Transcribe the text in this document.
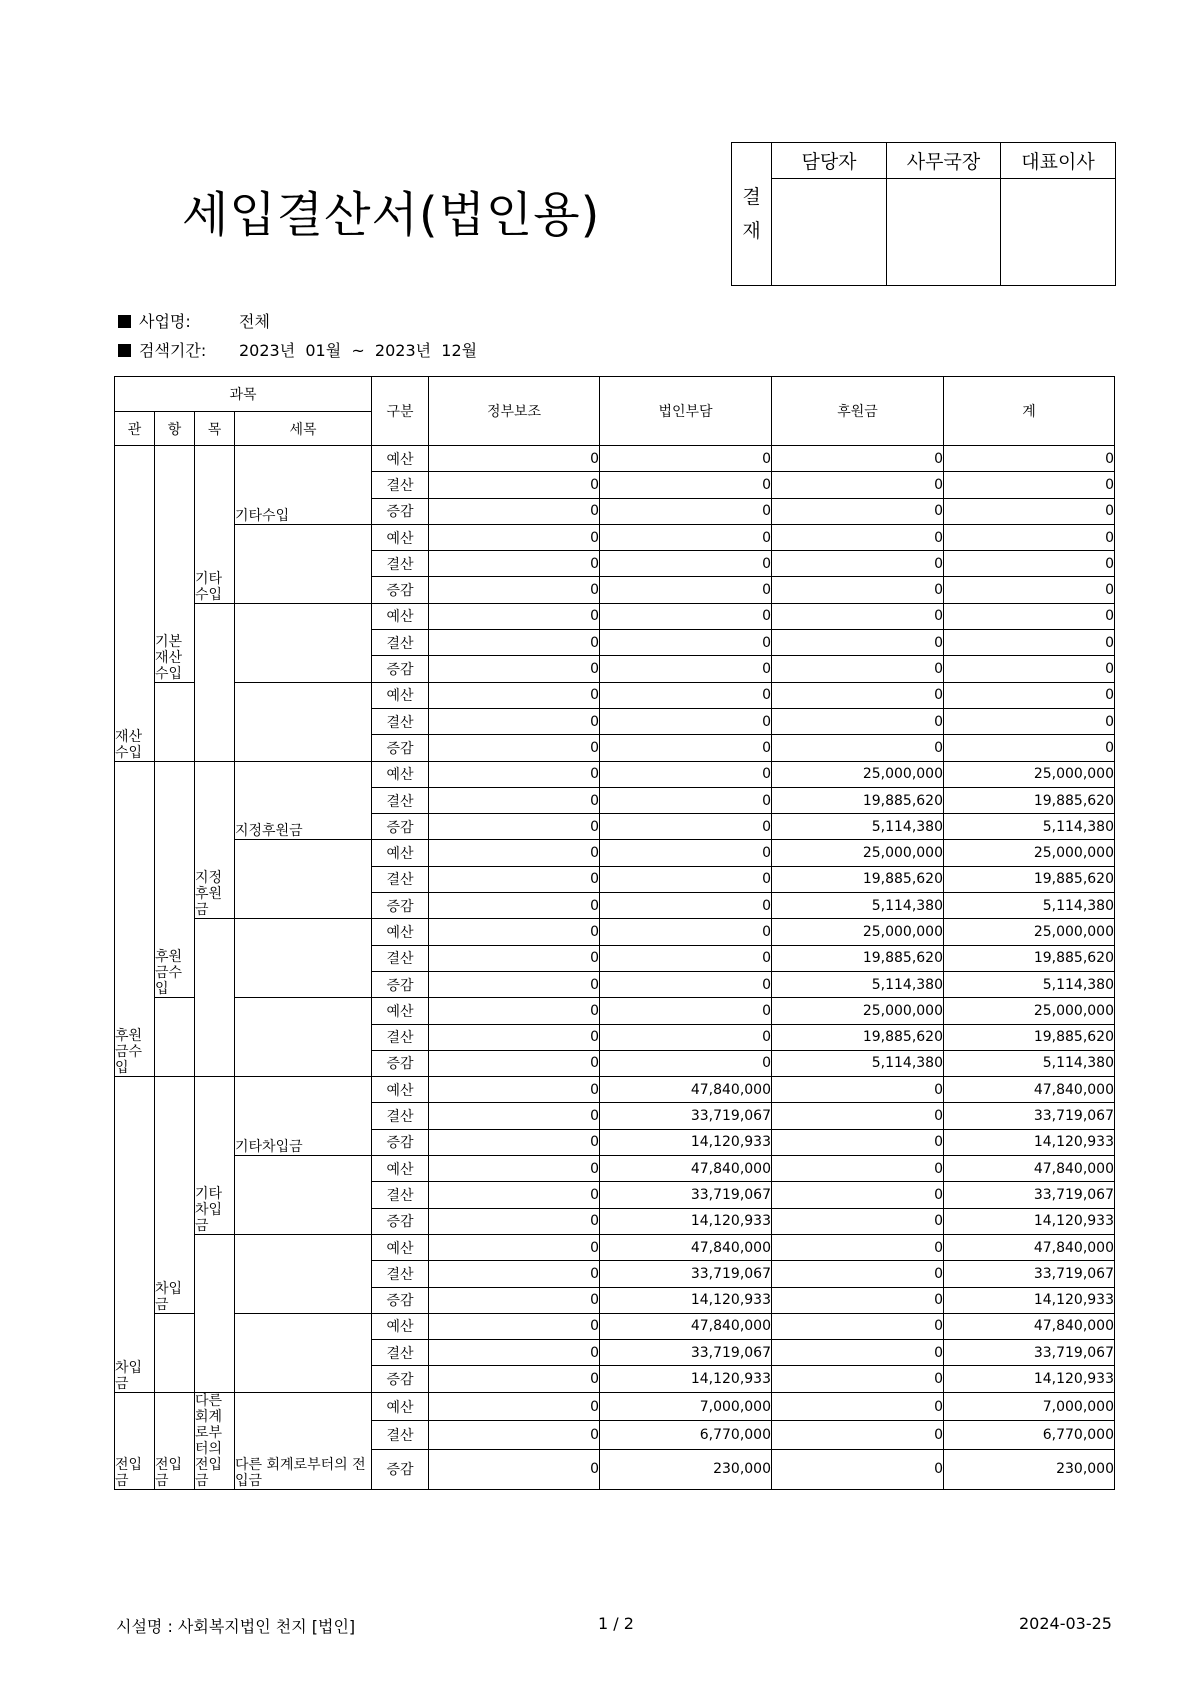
세입결산서(법인용)	결
재	담당자	사무국장	대표이사

사업명:	전체
검색기간: 2023년  01월  ~  2023년  12월
과목				구분	정부보조	법인부담	후원금	계
관	항	목	세목					
재산수입	기본재산수입	기타수입	기타수입	예산	0	0	0	0
				결산	0	0	0	0
				증감	0	0	0	0
				예산	0	0	0	0
				결산	0	0	0	0
				증감	0	0	0	0
				예산	0	0	0	0
				결산	0	0	0	0
				증감	0	0	0	0
				예산	0	0	0	0
				결산	0	0	0	0
				증감	0	0	0	0
후원금수입	후원금수입	지정후원금	지정후원금	예산	0	0	25,000,000	25,000,000
				결산	0	0	19,885,620	19,885,620
				증감	0	0	5,114,380	5,114,380
				예산	0	0	25,000,000	25,000,000
				결산	0	0	19,885,620	19,885,620
				증감	0	0	5,114,380	5,114,380
				예산	0	0	25,000,000	25,000,000
				결산	0	0	19,885,620	19,885,620
				증감	0	0	5,114,380	5,114,380
				예산	0	0	25,000,000	25,000,000
				결산	0	0	19,885,620	19,885,620
				증감	0	0	5,114,380	5,114,380
차입금	차입금	기타차입금	기타차입금	예산	0	47,840,000	0	47,840,000
				결산	0	33,719,067	0	33,719,067
				증감	0	14,120,933	0	14,120,933
				예산	0	47,840,000	0	47,840,000
				결산	0	33,719,067	0	33,719,067
				증감	0	14,120,933	0	14,120,933
				예산	0	47,840,000	0	47,840,000
				결산	0	33,719,067	0	33,719,067
				증감	0	14,120,933	0	14,120,933
				예산	0	47,840,000	0	47,840,000
				결산	0	33,719,067	0	33,719,067
				증감	0	14,120,933	0	14,120,933
전입금	전입금	다른회계로부터의전입금	다른 회계로부터의 전입금	예산	0	7,000,000	0	7,000,000
				결산	0	6,770,000	0	6,770,000
				증감	0	230,000	0	230,000
시설명 : 사회복지법인 천지 [법인]	1 / 2	2024-03-25
